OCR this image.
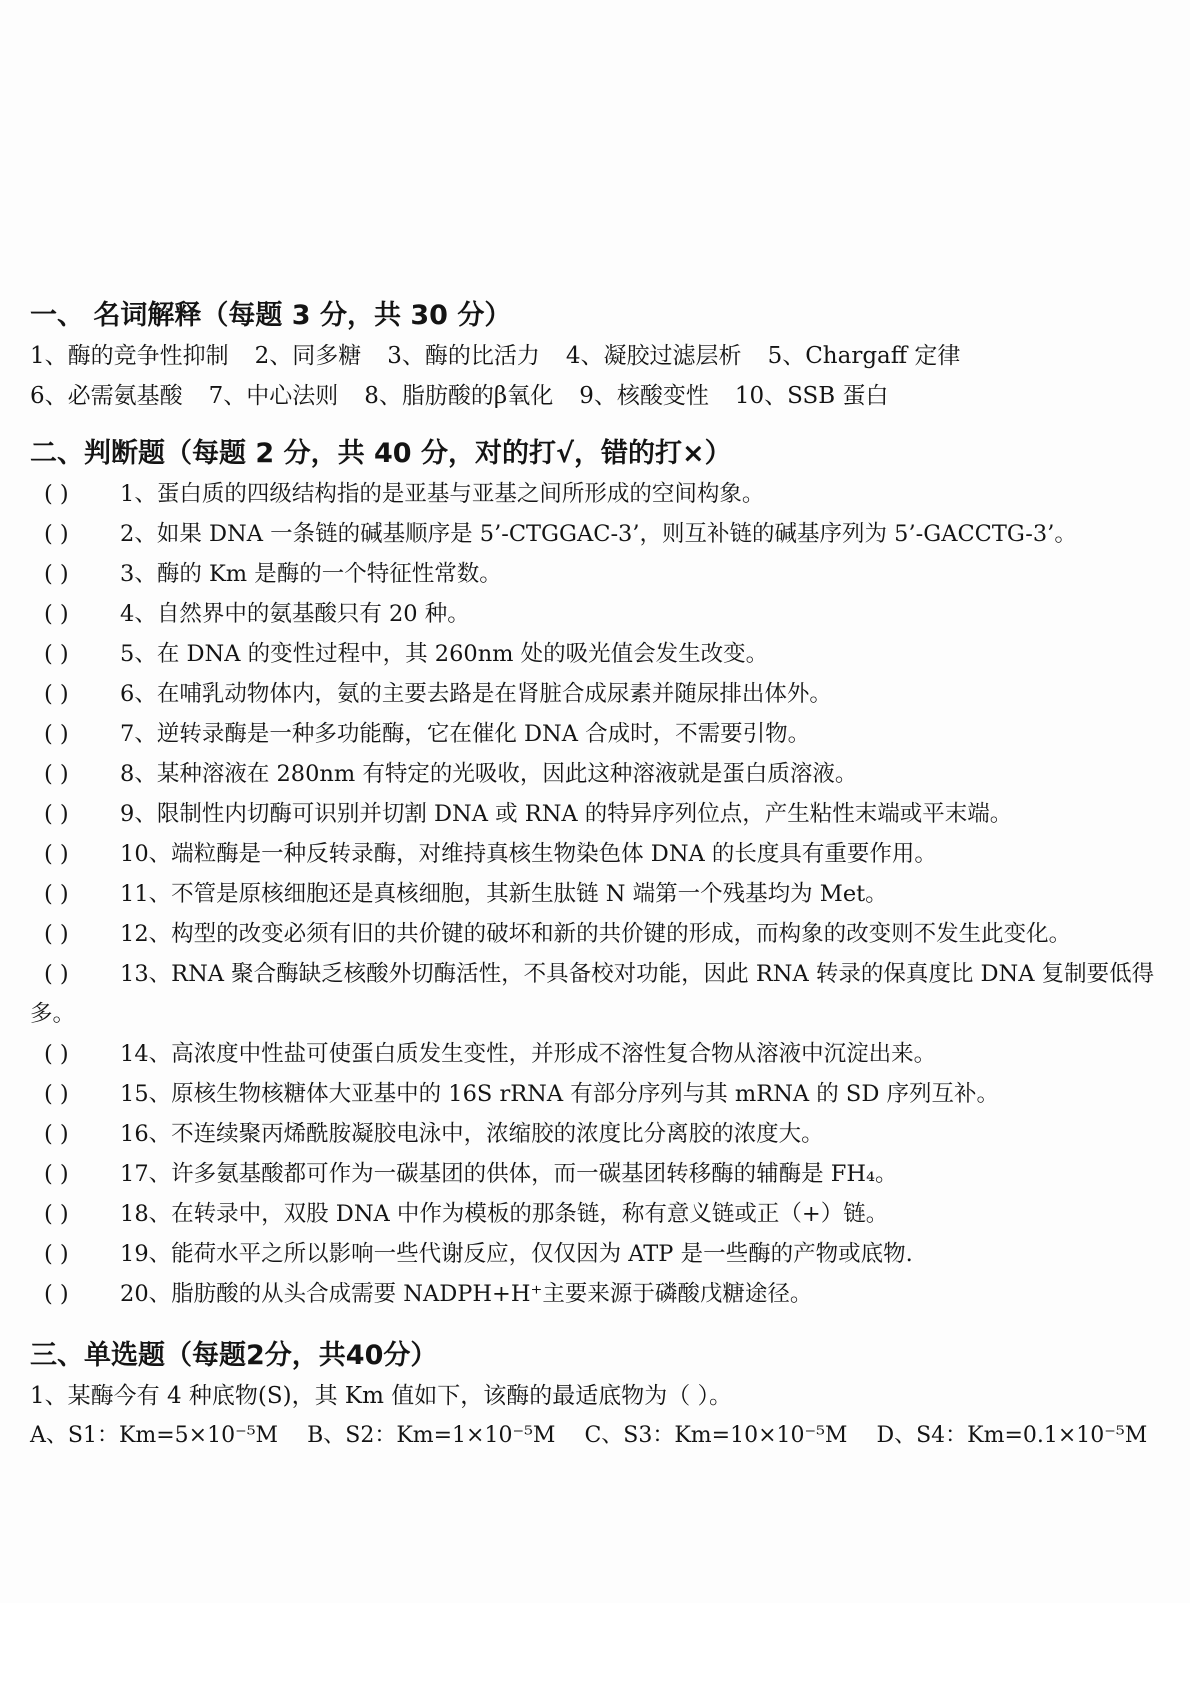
一、 名词解释（每题 3 分，共 30 分）
1、酶的竞争性抑制 2、同多糖 3、酶的比活力 4、凝胶过滤层析 5、Chargaff 定律
6、必需氨基酸 7、中心法则 8、脂肪酸的β氧化 9、核酸变性 10、SSB 蛋白
二、判断题（每题 2 分，共 40 分，对的打√，错的打×）
( ) 1、蛋白质的四级结构指的是亚基与亚基之间所形成的空间构象。
( ) 2、如果 DNA 一条链的碱基顺序是 5’-CTGGAC-3’，则互补链的碱基序列为 5’-GACCTG-3’。
( ) 3、酶的 Km 是酶的一个特征性常数。
( ) 4、自然界中的氨基酸只有 20 种。
( ) 5、在 DNA 的变性过程中，其 260nm 处的吸光值会发生改变。
( ) 6、在哺乳动物体内，氨的主要去路是在肾脏合成尿素并随尿排出体外。
( ) 7、逆转录酶是一种多功能酶，它在催化 DNA 合成时，不需要引物。
( ) 8、某种溶液在 280nm 有特定的光吸收，因此这种溶液就是蛋白质溶液。
( ) 9、限制性内切酶可识别并切割 DNA 或 RNA 的特异序列位点，产生粘性末端或平末端。
( ) 10、端粒酶是一种反转录酶，对维持真核生物染色体 DNA 的长度具有重要作用。
( ) 11、不管是原核细胞还是真核细胞，其新生肽链 N 端第一个残基均为 Met。
( ) 12、构型的改变必须有旧的共价键的破坏和新的共价键的形成，而构象的改变则不发生此变化。
( ) 13、RNA 聚合酶缺乏核酸外切酶活性，不具备校对功能，因此 RNA 转录的保真度比 DNA 复制要低得多。
( ) 14、高浓度中性盐可使蛋白质发生变性，并形成不溶性复合物从溶液中沉淀出来。
( ) 15、原核生物核糖体大亚基中的 16S rRNA 有部分序列与其 mRNA 的 SD 序列互补。
( ) 16、不连续聚丙烯酰胺凝胶电泳中，浓缩胶的浓度比分离胶的浓度大。
( ) 17、许多氨基酸都可作为一碳基团的供体，而一碳基团转移酶的辅酶是 FH₄。
( ) 18、在转录中，双股 DNA 中作为模板的那条链，称有意义链或正（+）链。
( ) 19、能荷水平之所以影响一些代谢反应，仅仅因为 ATP 是一些酶的产物或底物.
( ) 20、脂肪酸的从头合成需要 NADPH+H⁺主要来源于磷酸戊糖途径。
三、单选题（每题2分，共40分）
1、某酶今有 4 种底物(S)，其 Km 值如下，该酶的最适底物为（ ）。
A、S1：Km=5×10⁻⁵M B、S2：Km=1×10⁻⁵M C、S3：Km=10×10⁻⁵M D、S4：Km=0.1×10⁻⁵M
